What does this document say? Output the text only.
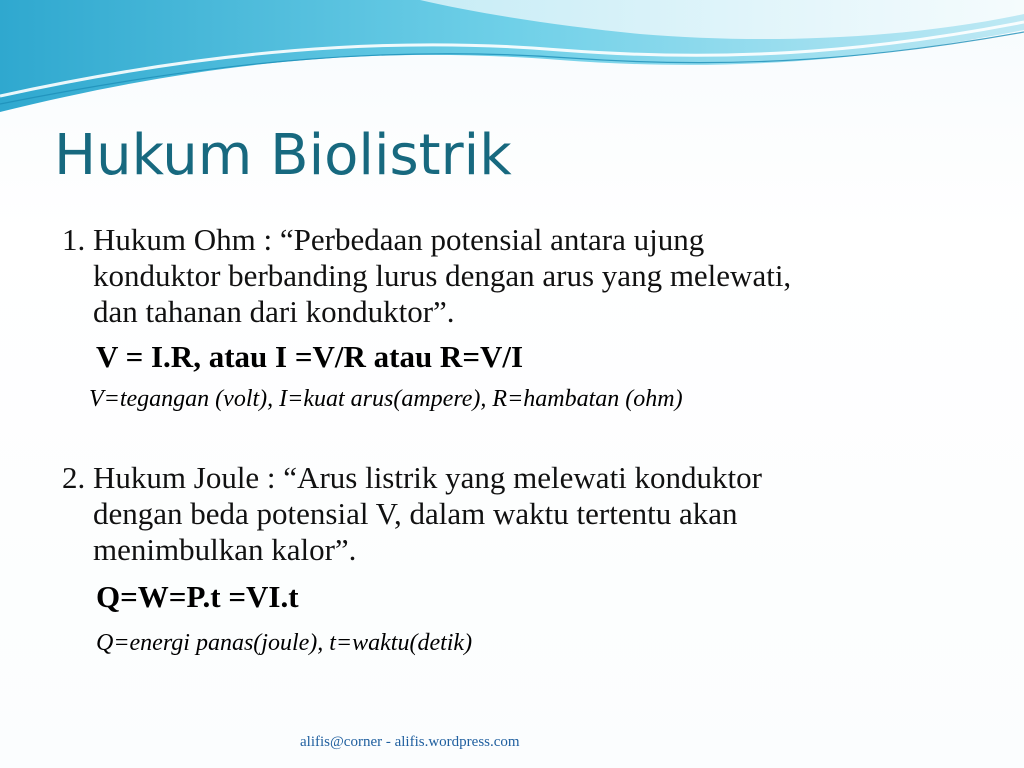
Hukum Biolistrik

1. Hukum Ohm : “Perbedaan potensial antara ujung
konduktor berbanding lurus dengan arus yang melewati,
dan tahanan dari konduktor”.

V = I.R, atau I =V/R atau R=V/I
V=tegangan (volt), I=kuat arus(ampere), R=hambatan (ohm)

2. Hukum Joule : “Arus listrik yang melewati konduktor
dengan beda potensial V, dalam waktu tertentu akan
menimbulkan kalor”.

Q=W=P.t =VI.t
Q=energi panas(joule), t=waktu(detik)
alifis@corner - alifis.wordpress.com
